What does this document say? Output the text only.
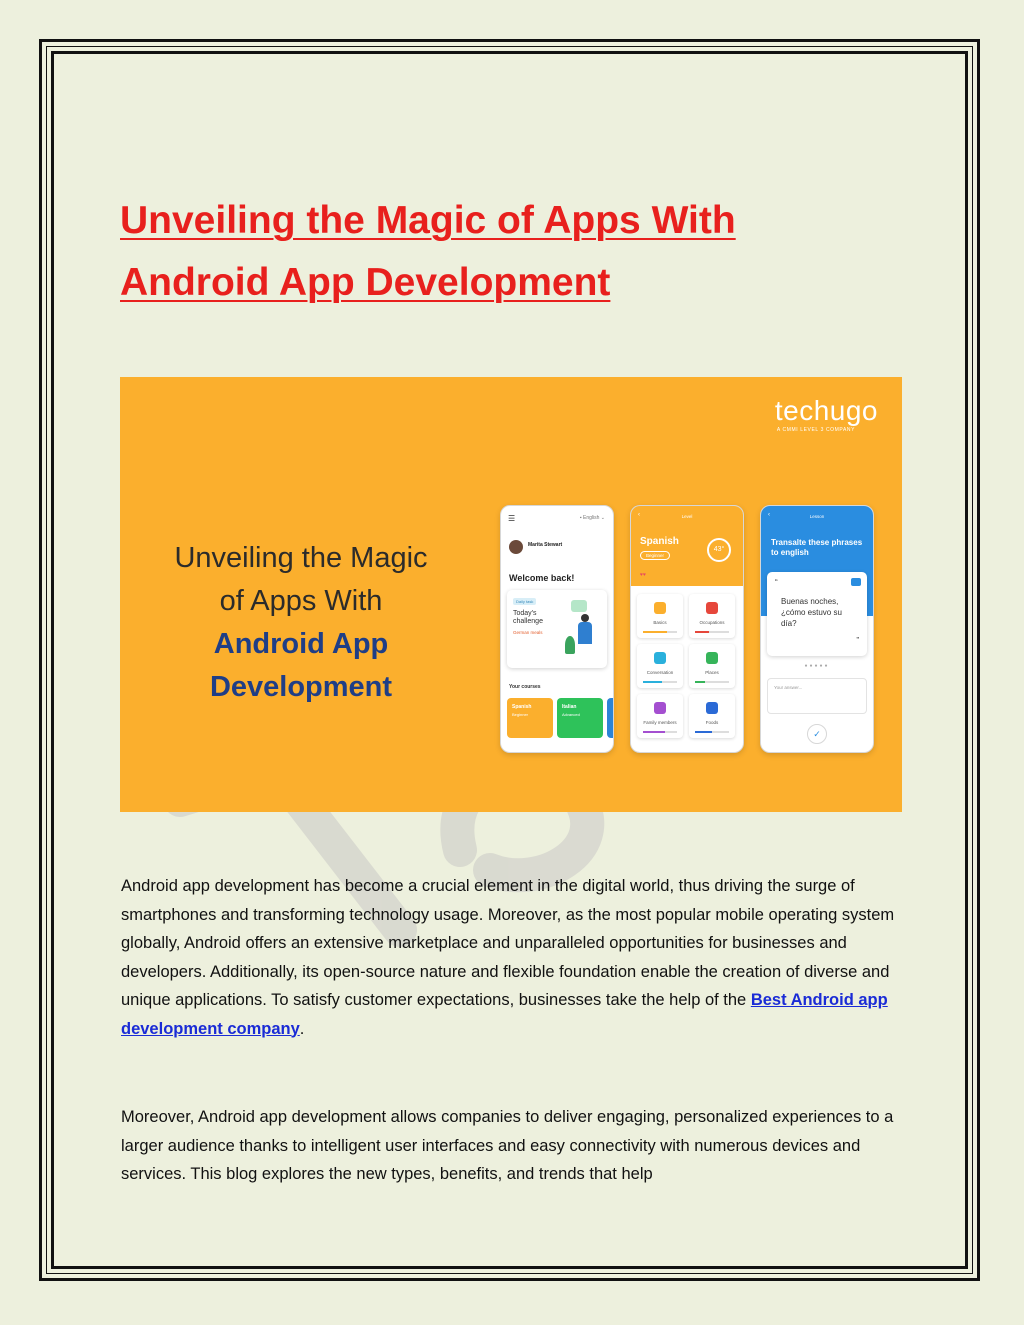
Unveiling the Magic of Apps With
Android App Development
techugo
A CMMI LEVEL 3 COMPANY
Unveiling the Magic
of Apps With
Android App
Development
☰	▪ English ⌄
Marita Stewart
Welcome back!
Daily task
Today's challenge
German meals
Your courses
Spanish
Beginner
Italian
Advanced
‹	Level
Spanish
Beginner
43°
♥♥
Basics	Occupations
Conversation	Places
Family members	Foods
‹	Lesson
Transalte these phrases to english
“
Buenas noches, ¿cómo estuvo su día?
”
●●●●●
Your answer...
✓

Android app development has become a crucial element in the digital world, thus driving the surge of smartphones and transforming technology usage. Moreover, as the most popular mobile operating system globally, Android offers an extensive marketplace and unparalleled opportunities for businesses and developers. Additionally, its open-source nature and flexible foundation enable the creation of diverse and unique applications. To satisfy customer expectations, businesses take the help of the Best Android app development company.

Moreover, Android app development allows companies to deliver engaging, personalized experiences to a larger audience thanks to intelligent user interfaces and easy connectivity with numerous devices and services. This blog explores the new types, benefits, and trends that help
